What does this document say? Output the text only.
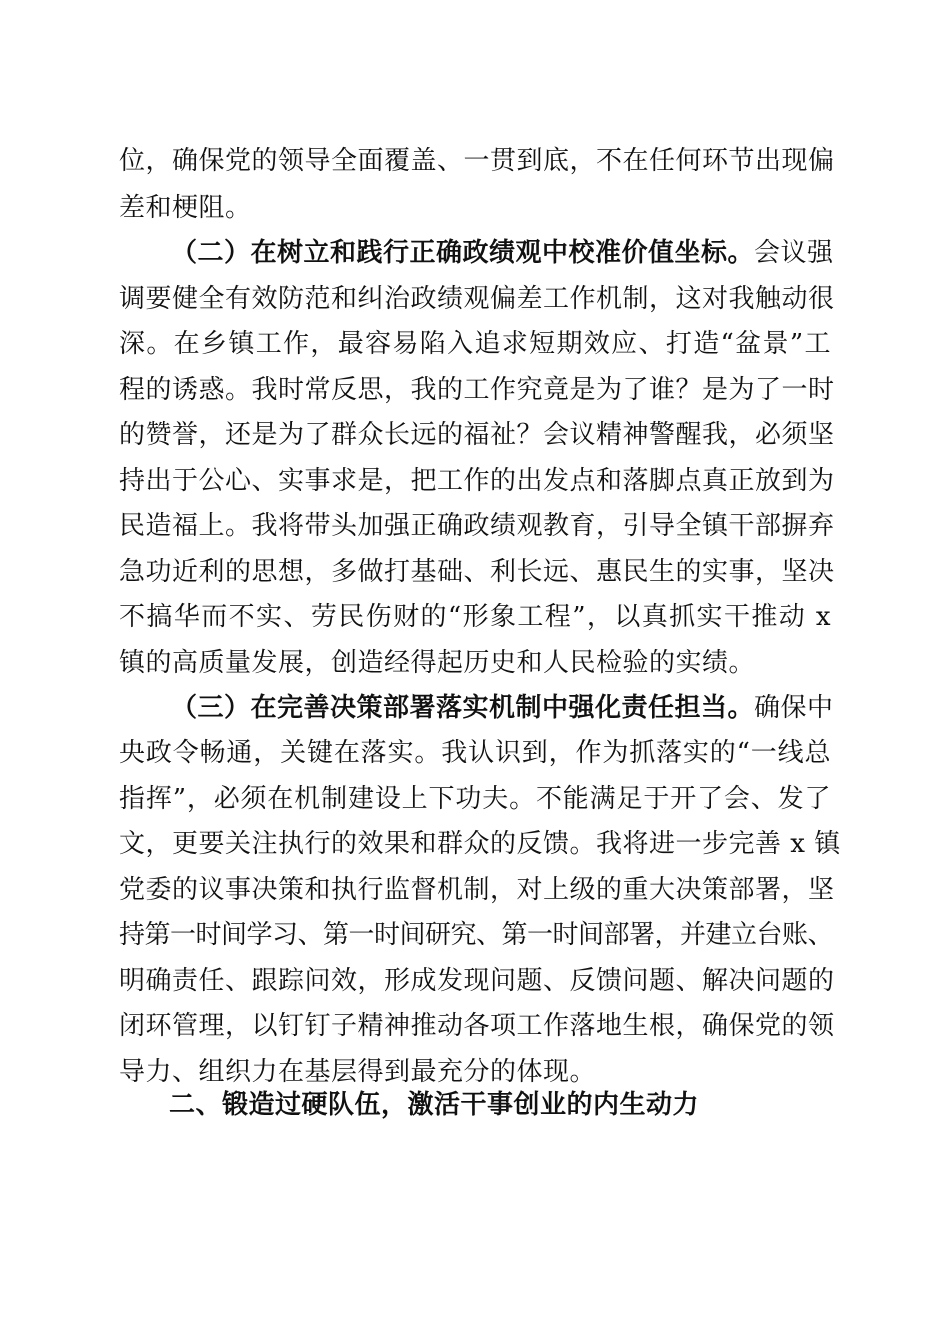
位，确保党的领导全面覆盖、一贯到底，不在任何环节出现偏
差和梗阻。
（二）在树立和践行正确政绩观中校准价值坐标。会议强
调要健全有效防范和纠治政绩观偏差工作机制，这对我触动很
深。在乡镇工作，最容易陷入追求短期效应、打造“盆景”工
程的诱惑。我时常反思，我的工作究竟是为了谁？是为了一时
的赞誉，还是为了群众长远的福祉？会议精神警醒我，必须坚
持出于公心、实事求是，把工作的出发点和落脚点真正放到为
民造福上。我将带头加强正确政绩观教育，引导全镇干部摒弃
急功近利的思想，多做打基础、利长远、惠民生的实事，坚决
不搞华而不实、劳民伤财的“形象工程”，以真抓实干推动 x
镇的高质量发展，创造经得起历史和人民检验的实绩。
（三）在完善决策部署落实机制中强化责任担当。确保中
央政令畅通，关键在落实。我认识到，作为抓落实的“一线总
指挥”，必须在机制建设上下功夫。不能满足于开了会、发了
文，更要关注执行的效果和群众的反馈。我将进一步完善 x 镇
党委的议事决策和执行监督机制，对上级的重大决策部署，坚
持第一时间学习、第一时间研究、第一时间部署，并建立台账、
明确责任、跟踪问效，形成发现问题、反馈问题、解决问题的
闭环管理，以钉钉子精神推动各项工作落地生根，确保党的领
导力、组织力在基层得到最充分的体现。
二、锻造过硬队伍，激活干事创业的内生动力
